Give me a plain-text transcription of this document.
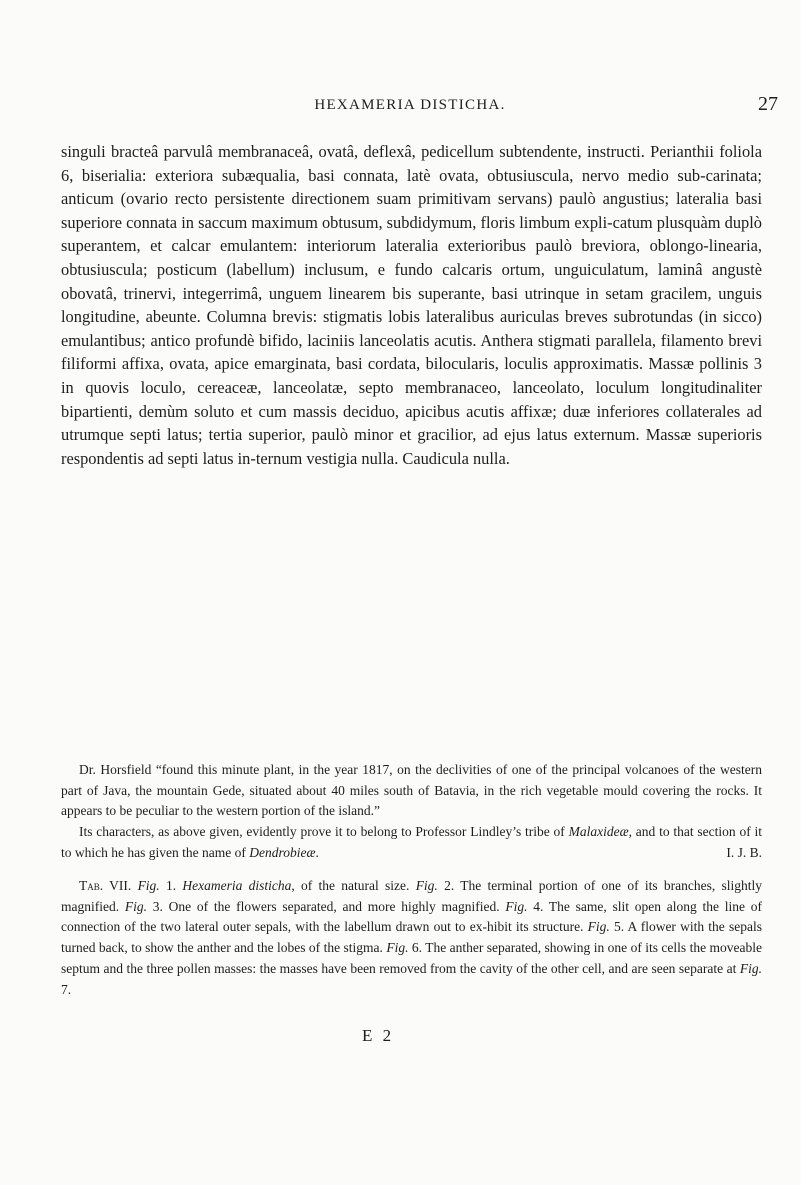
HEXAMERIA DISTICHA.	27

singuli bracteâ parvulâ membranaceâ, ovatâ, deflexâ, pedicellum subtendente, instructi. Perianthii foliola 6, biserialia: exteriora subæqualia, basi connata, latè ovata, obtusiuscula, nervo medio sub-carinata; anticum (ovario recto persistente directionem suam primitivam servans) paulò angustius; lateralia basi superiore connata in saccum maximum obtusum, subdidymum, floris limbum expli-catum plusquàm duplò superantem, et calcar emulantem: interiorum lateralia exterioribus paulò breviora, oblongo-linearia, obtusiuscula; posticum (labellum) inclusum, e fundo calcaris ortum, unguiculatum, laminâ angustè obovatâ, trinervi, integerrimâ, unguem linearem bis superante, basi utrinque in setam gracilem, unguis longitudine, abeunte. Columna brevis: stigmatis lobis lateralibus auriculas breves subrotundas (in sicco) emulantibus; antico profundè bifido, laciniis lanceolatis acutis. Anthera stigmati parallela, filamento brevi filiformi affixa, ovata, apice emarginata, basi cordata, bilocularis, loculis approximatis. Massæ pollinis 3 in quovis loculo, cereaceæ, lanceolatæ, septo membranaceo, lanceolato, loculum longitudinaliter bipartienti, demùm soluto et cum massis deciduo, apicibus acutis affixæ; duæ inferiores collaterales ad utrumque septi latus; tertia superior, paulò minor et gracilior, ad ejus latus externum. Massæ superioris respondentis ad septi latus in-ternum vestigia nulla. Caudicula nulla.

Dr. Horsfield “found this minute plant, in the year 1817, on the declivities of one of the principal volcanoes of the western part of Java, the mountain Gede, situated about 40 miles south of Batavia, in the rich vegetable mould covering the rocks. It appears to be peculiar to the western portion of the island.”

Its characters, as above given, evidently prove it to belong to Professor Lindley’s tribe of Malaxideæ, and to that section of it to which he has given the name of Dendrobieæ.	I. J. B.

Tab. VII. Fig. 1. Hexameria disticha, of the natural size. Fig. 2. The terminal portion of one of its branches, slightly magnified. Fig. 3. One of the flowers separated, and more highly magnified. Fig. 4. The same, slit open along the line of connection of the two lateral outer sepals, with the labellum drawn out to ex-hibit its structure. Fig. 5. A flower with the sepals turned back, to show the anther and the lobes of the stigma. Fig. 6. The anther separated, showing in one of its cells the moveable septum and the three pollen masses: the masses have been removed from the cavity of the other cell, and are seen separate at Fig. 7.

E 2
